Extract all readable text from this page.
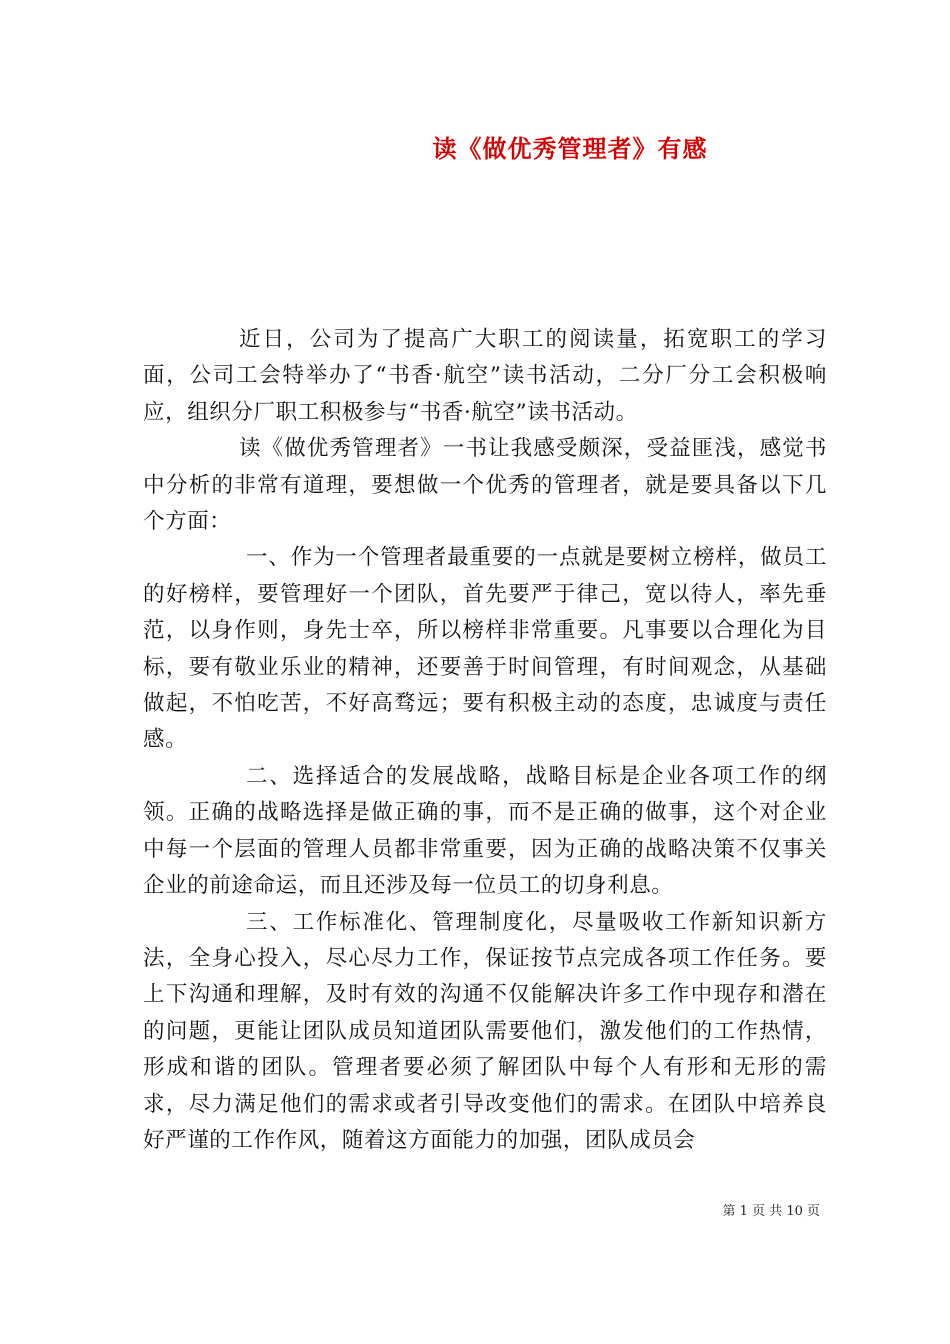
读《做优秀管理者》有感

近日，公司为了提高广大职工的阅读量，拓宽职工的学习面，公司工会特举办了“书香·航空”读书活动，二分厂分工会积极响应，组织分厂职工积极参与“书香·航空”读书活动。

读《做优秀管理者》一书让我感受颇深，受益匪浅，感觉书中分析的非常有道理，要想做一个优秀的管理者，就是要具备以下几个方面：

一、作为一个管理者最重要的一点就是要树立榜样，做员工的好榜样，要管理好一个团队，首先要严于律己，宽以待人，率先垂范，以身作则，身先士卒，所以榜样非常重要。凡事要以合理化为目标，要有敬业乐业的精神，还要善于时间管理，有时间观念，从基础做起，不怕吃苦，不好高骛远；要有积极主动的态度，忠诚度与责任感。

二、选择适合的发展战略，战略目标是企业各项工作的纲领。正确的战略选择是做正确的事，而不是正确的做事，这个对企业中每一个层面的管理人员都非常重要，因为正确的战略决策不仅事关企业的前途命运，而且还涉及每一位员工的切身利息。

三、工作标准化、管理制度化，尽量吸收工作新知识新方法，全身心投入，尽心尽力工作，保证按节点完成各项工作任务。要上下沟通和理解，及时有效的沟通不仅能解决许多工作中现存和潜在的问题，更能让团队成员知道团队需要他们，激发他们的工作热情，形成和谐的团队。管理者要必须了解团队中每个人有形和无形的需求，尽力满足他们的需求或者引导改变他们的需求。在团队中培养良好严谨的工作作风，随着这方面能力的加强，团队成员会

第 1 页 共 10 页
